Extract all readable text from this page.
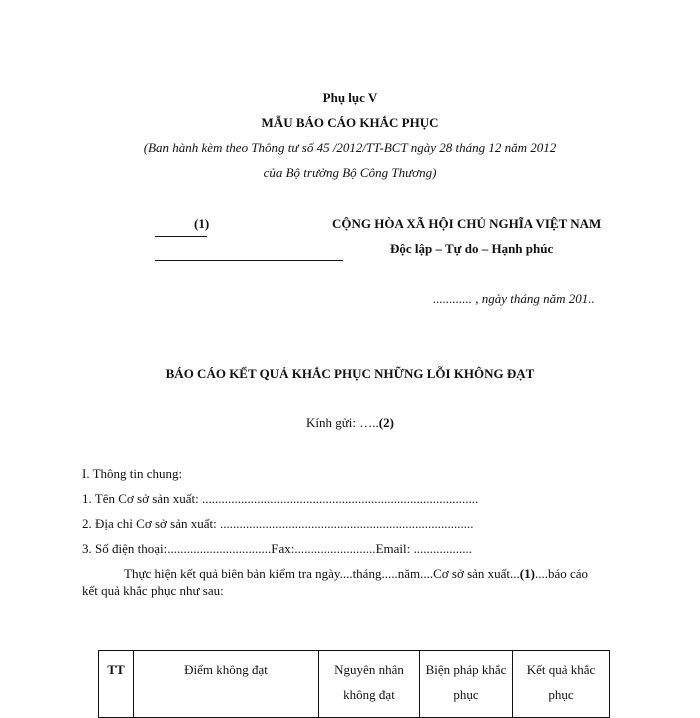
Phụ lục V
MẪU BÁO CÁO KHẮC PHỤC
(Ban hành kèm theo Thông tư số 45 /2012/TT-BCT ngày 28 tháng 12 năm 2012
của Bộ trưởng Bộ Công Thương)
(1)	CỘNG HÒA XÃ HỘI CHỦ NGHĨA VIỆT NAM
Độc lập – Tự do – Hạnh phúc
............ , ngày tháng năm 201..
BÁO CÁO KẾT QUẢ KHẮC PHỤC NHỮNG LỖI KHÔNG ĐẠT
Kính gửi: …..(2)
I. Thông tin chung:
1. Tên Cơ sở sản xuất: .....................................................................................
2. Địa chỉ Cơ sở sản xuất: ..............................................................................
3. Số điện thoại:................................Fax:.........................Email: ..................
Thực hiện kết quả biên bản kiểm tra ngày....tháng.....năm....Cơ sở sản xuất...(1)....báo cáo
kết quả khắc phục như sau:
TT	Điểm không đạt	Nguyên nhân không đạt	Biện pháp khắc phục	Kết quả khắc phục
